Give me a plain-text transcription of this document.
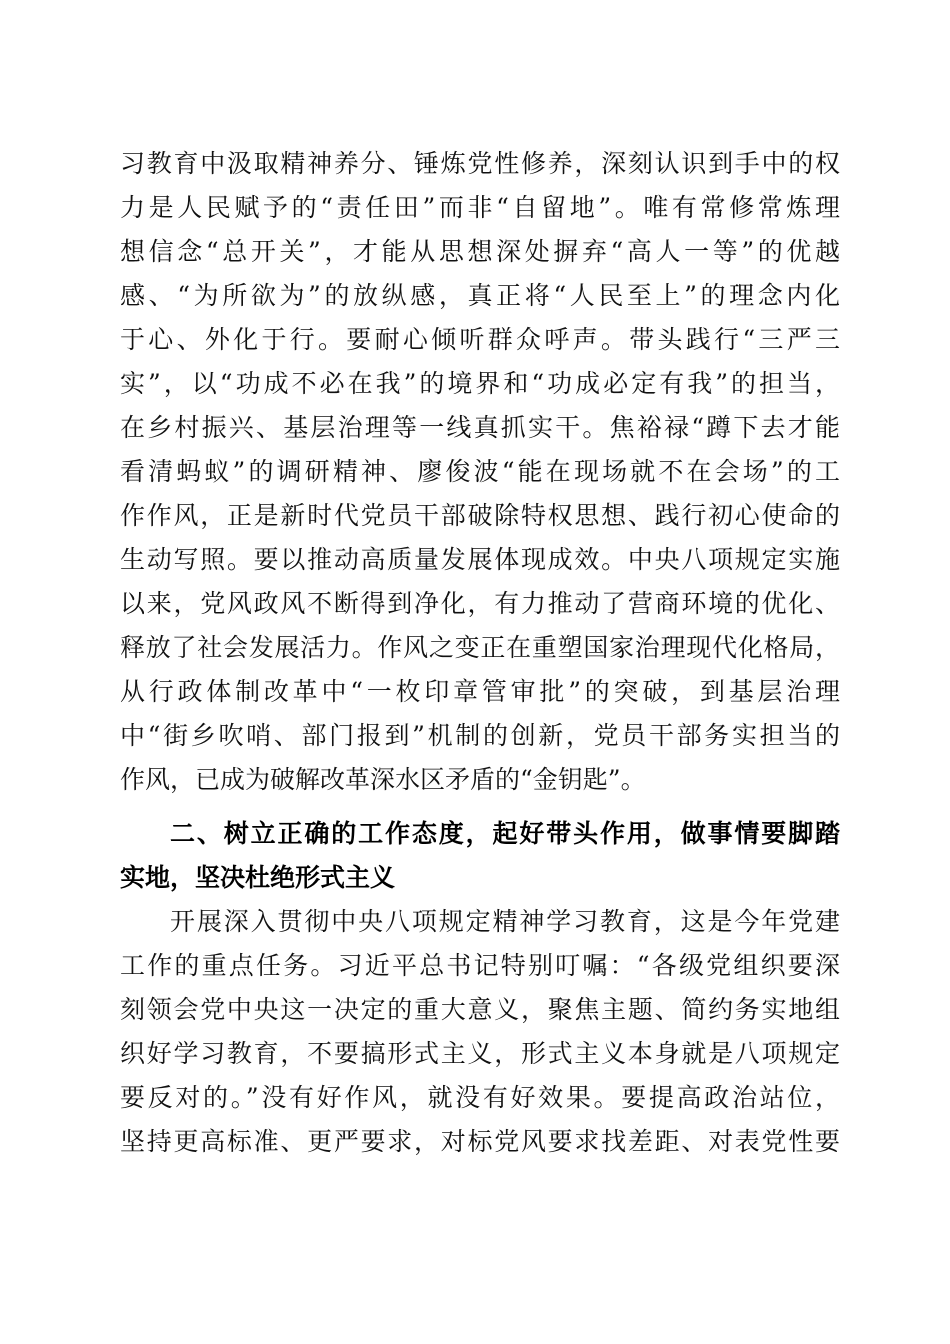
习教育中汲取精神养分、锤炼党性修养，深刻认识到手中的权
力是人民赋予的“责任田”而非“自留地”。唯有常修常炼理
想信念“总开关”，才能从思想深处摒弃“高人一等”的优越
感、“为所欲为”的放纵感，真正将“人民至上”的理念内化
于心、外化于行。要耐心倾听群众呼声。带头践行“三严三
实”，以“功成不必在我”的境界和“功成必定有我”的担当，
在乡村振兴、基层治理等一线真抓实干。焦裕禄“蹲下去才能
看清蚂蚁”的调研精神、廖俊波“能在现场就不在会场”的工
作作风，正是新时代党员干部破除特权思想、践行初心使命的
生动写照。要以推动高质量发展体现成效。中央八项规定实施
以来，党风政风不断得到净化，有力推动了营商环境的优化、
释放了社会发展活力。作风之变正在重塑国家治理现代化格局，
从行政体制改革中“一枚印章管审批”的突破，到基层治理
中“街乡吹哨、部门报到”机制的创新，党员干部务实担当的
作风，已成为破解改革深水区矛盾的“金钥匙”。
二、树立正确的工作态度，起好带头作用，做事情要脚踏
实地，坚决杜绝形式主义
开展深入贯彻中央八项规定精神学习教育，这是今年党建
工作的重点任务。习近平总书记特别叮嘱：“各级党组织要深
刻领会党中央这一决定的重大意义，聚焦主题、简约务实地组
织好学习教育，不要搞形式主义，形式主义本身就是八项规定
要反对的。”没有好作风，就没有好效果。要提高政治站位，
坚持更高标准、更严要求，对标党风要求找差距、对表党性要
